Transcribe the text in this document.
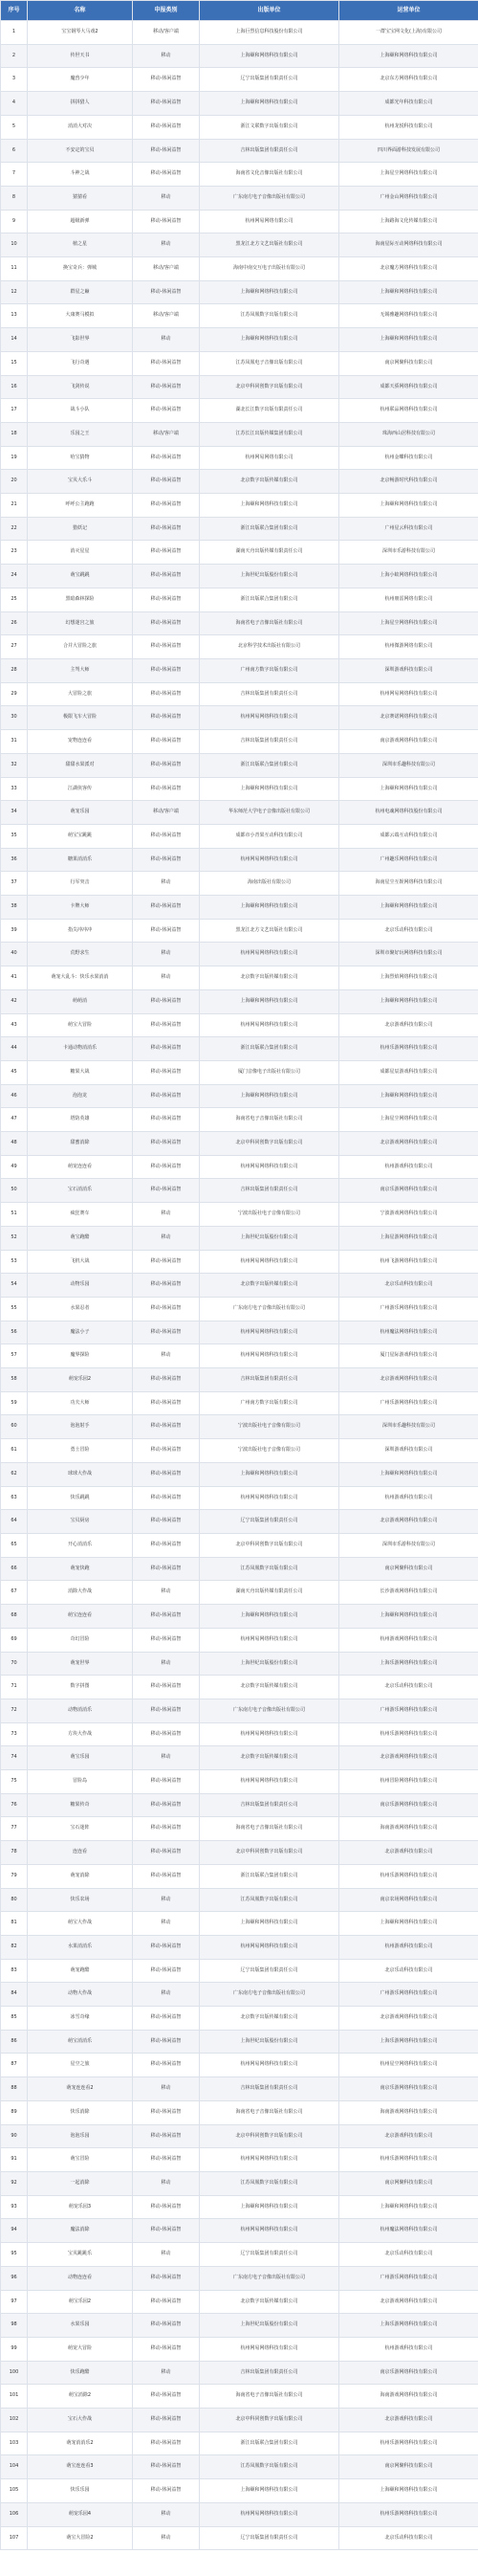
序号	名称	申报类别	出版单位	运营单位
1	宝宝钢琴大马戏2	移动/客户端	上海巨烈信息科技股份有限公司	一群宝宝网文化(上海)有限公司
2	传世天书	移动	上海颐和网络科技有限公司	上海颐和网络科技有限公司
3	魔兽少年	移动-休闲益智	辽宁出版集团有限责任公司	北京东方网络科技有限公司
4	拼拼猎人	移动-休闲益智	上海颐和网络科技有限公司	成都光年科技有限公司
5	消消大对决	移动-休闲益智	浙江文联数字出版有限公司	杭州龙悦科技有限公司
6	不安定的宝贝	移动-休闲益智	吉林出版集团有限责任公司	四川界面游科技发展有限公司
7	斗神之战	移动-休闲益智	海南省文化音像出版社有限公司	上海星尘网络科技有限公司
8	猜猜看	移动	广东南方电子音像出版社有限公司	广州金山网络科技有限公司
9	超级新弹	移动-休闲益智	杭州网易网络有限公司	上海路海文化传媒有限公司
10	植之星	移动	黑龙江北方文艺出版社有限公司	海南星际互动网络科技有限公司
11	换宝奇兵：弹城	移动/客户端	海南中南交互电子出版社有限公司	北京魔方网络科技有限公司
12	群星之巅	移动-休闲益智	上海颐和网络科技有限公司	上海颐和网络科技有限公司
13	大康赛马模拟	移动/客户端	江苏凤凰数字出版有限公司	无锡雅趣网络科技有限公司
14	飞影世界	移动	上海颐和网络科技有限公司	上海颐和网络科技有限公司
15	飞行奇遇	移动-休闲益智	江苏凤凰电子音像出版有限公司	南京网聚科技有限公司
16	飞剑传说	移动-休闲益智	北京中科同创数字出版有限公司	成都天骄网络科技有限公司
17	战斗小队	移动-休闲益智	湖北长江数字出版有限责任公司	杭州联品网络科技有限公司
18	乐园之王	移动/客户端	江苏长江出版传媒集团有限公司	珠海西山居科技有限公司
19	哈宝猜物	移动-休闲益智	杭州网易网络有限公司	杭州金蝶科技有限公司
20	宝贝大乐斗	移动-休闲益智	北京数字出版传媒有限公司	北京畅游时代科技有限公司
21	呼呼公主跑跑	移动-休闲益智	上海颐和网络科技有限公司	上海颐和网络科技有限公司
22	猎妖记	移动-休闲益智	浙江出版联合集团有限公司	广州星云科技有限公司
23	消灭星星	移动-休闲益智	湖南天舟出版传媒有限责任公司	深圳市乐游科技有限公司
24	萌宝跳跳	移动-休闲益智	上海世纪出版股份有限公司	上海小蚁网络科技有限公司
25	黑暗森林探险	移动-休闲益智	浙江出版联合集团有限公司	杭州朋雷网络有限公司
26	幻想迷宫之旅	移动-休闲益智	海南省电子音像出版社有限公司	上海星尘网络科技有限公司
27	合并大冒险之旅	移动-休闲益智	北京科学技术出版社有限公司	杭州微游网络有限公司
28	主驾大师	移动-休闲益智	广州南方数字出版有限公司	深圳游戏科技有限公司
29	大冒险之旅	移动-休闲益智	吉林出版集团有限责任公司	杭州网易网络科技有限公司
30	极限飞车大冒险	移动-休闲益智	杭州网易网络科技有限公司	北京赛诺网络科技有限公司
31	宠物连连看	移动-休闲益智	吉林出版集团有限责任公司	南京游戏网络科技有限公司
32	甜甜水果派对	移动-休闲益智	浙江出版联合集团有限公司	深圳市乐趣科技有限公司
33	江湖侠客传	移动-休闲益智	上海颐和网络科技有限公司	上海颐和网络科技有限公司
34	萌宠乐园	移动/客户端	华东师范大学电子音像出版社有限公司	杭州电魂网络科技股份有限公司
35	萌宝宝跳跳	移动-休闲益智	成都市小青果互动科技有限公司	成都云端互动科技有限公司
36	糖果消消乐	移动-休闲益智	杭州网易网络科技有限公司	广州趣乐网络科技有限公司
37	行军突击	移动	海南出版社有限公司	海南星尘互娱网络科技有限公司
38	卡牌大师	移动-休闲益智	上海颐和网络科技有限公司	上海颐和网络科技有限公司
39	指尖冲冲冲	移动-休闲益智	黑龙江北方文艺出版社有限公司	北京乐动科技有限公司
40	荒野求生	移动	杭州网易网络科技有限公司	深圳市聚好玩网络科技有限公司
41	萌宠大乱斗：快乐水果消消	移动	北京数字出版传媒有限公司	上海烈焰网络科技有限公司
42	萌萌消	移动-休闲益智	上海颐和网络科技有限公司	上海颐和网络科技有限公司
43	萌宝大冒险	移动-休闲益智	杭州网易网络科技有限公司	北京游戏科技有限公司
44	卡通动物消消乐	移动-休闲益智	浙江出版联合集团有限公司	杭州乐游网络科技有限公司
45	糖果大战	移动-休闲益智	厦门音像电子出版社有限公司	成都星辰游戏科技有限公司
46	泡泡龙	移动-休闲益智	上海颐和网络科技有限公司	上海颐和网络科技有限公司
47	塔防英雄	移动-休闲益智	海南省电子音像出版社有限公司	上海星尘网络科技有限公司
48	甜蜜消除	移动-休闲益智	北京中科同创数字出版有限公司	北京游戏网络科技有限公司
49	萌宠连连看	移动-休闲益智	杭州网易网络科技有限公司	杭州游戏科技有限公司
50	宝石消消乐	移动-休闲益智	吉林出版集团有限责任公司	南京乐游网络科技有限公司
51	疯狂赛车	移动	宁波出版社电子音像有限公司	宁波游戏网络科技有限公司
52	萌宝跑酷	移动	上海世纪出版股份有限公司	上海星游网络科技有限公司
53	飞机大战	移动-休闲益智	杭州网易网络科技有限公司	杭州飞游网络科技有限公司
54	动物乐园	移动-休闲益智	北京数字出版传媒有限公司	北京乐动科技有限公司
55	水果忍者	移动-休闲益智	广东南方电子音像出版社有限公司	广州游乐网络科技有限公司
56	魔法小子	移动-休闲益智	杭州网易网络科技有限公司	杭州魔法网络科技有限公司
57	魔界探险	移动	杭州网易网络科技有限公司	厦门星际游戏科技有限公司
58	萌宠乐园2	移动-休闲益智	吉林出版集团有限责任公司	北京游戏网络科技有限公司
59	功夫大师	移动-休闲益智	广州南方数字出版有限公司	广州乐游网络科技有限公司
60	泡泡射手	移动-休闲益智	宁波出版社电子音像有限公司	深圳市乐趣科技有限公司
61	勇士冒险	移动-休闲益智	宁波出版社电子音像有限公司	深圳游戏科技有限公司
62	球球大作战	移动-休闲益智	上海颐和网络科技有限公司	上海颐和网络科技有限公司
63	快乐跳跳	移动-休闲益智	杭州网易网络科技有限公司	杭州游戏科技有限公司
64	宝贝厨房	移动-休闲益智	辽宁出版集团有限责任公司	北京游戏网络科技有限公司
65	开心消消乐	移动-休闲益智	北京中科同创数字出版有限公司	深圳市乐游科技有限公司
66	萌宠快跑	移动-休闲益智	江苏凤凰数字出版有限公司	南京网聚科技有限公司
67	消除大作战	移动	湖南天舟出版传媒有限责任公司	长沙游戏网络科技有限公司
68	萌宝连连看	移动-休闲益智	上海颐和网络科技有限公司	上海颐和网络科技有限公司
69	奇幻冒险	移动-休闲益智	杭州网易网络科技有限公司	杭州游戏网络科技有限公司
70	萌宠世界	移动	上海世纪出版股份有限公司	上海乐游网络科技有限公司
71	数字拼图	移动-休闲益智	北京数字出版传媒有限公司	北京乐动科技有限公司
72	动物消消乐	移动-休闲益智	广东南方电子音像出版社有限公司	广州游乐网络科技有限公司
73	方块大作战	移动-休闲益智	杭州网易网络科技有限公司	杭州乐游网络科技有限公司
74	萌宝乐园	移动	北京数字出版传媒有限公司	北京游戏网络科技有限公司
75	冒险岛	移动-休闲益智	杭州网易网络科技有限公司	杭州冒险网络科技有限公司
76	糖果传奇	移动-休闲益智	吉林出版集团有限责任公司	南京乐游网络科技有限公司
77	宝石迷阵	移动-休闲益智	海南省电子音像出版社有限公司	海南游戏网络科技有限公司
78	连连看	移动-休闲益智	北京中科同创数字出版有限公司	北京游戏科技有限公司
79	萌宠消除	移动-休闲益智	浙江出版联合集团有限公司	杭州乐游网络科技有限公司
80	快乐农场	移动	江苏凤凰数字出版有限公司	南京农场网络科技有限公司
81	萌宝大作战	移动	上海颐和网络科技有限公司	上海颐和网络科技有限公司
82	水果消消乐	移动-休闲益智	杭州网易网络科技有限公司	杭州游戏科技有限公司
83	萌宠跑酷	移动-休闲益智	辽宁出版集团有限责任公司	北京乐动科技有限公司
84	动物大作战	移动	广东南方电子音像出版社有限公司	广州游乐网络科技有限公司
85	冰雪奇缘	移动-休闲益智	北京数字出版传媒有限公司	北京游戏网络科技有限公司
86	萌宝消消乐	移动-休闲益智	上海世纪出版股份有限公司	上海乐游网络科技有限公司
87	星空之旅	移动-休闲益智	杭州网易网络科技有限公司	杭州星空网络科技有限公司
88	萌宠连连看2	移动	吉林出版集团有限责任公司	南京乐游网络科技有限公司
89	快乐消除	移动-休闲益智	海南省电子音像出版社有限公司	海南游戏网络科技有限公司
90	泡泡乐园	移动-休闲益智	北京中科同创数字出版有限公司	北京游戏科技有限公司
91	萌宝冒险	移动-休闲益智	杭州网易网络科技有限公司	杭州乐游网络科技有限公司
92	一起消除	移动	江苏凤凰数字出版有限公司	南京网聚科技有限公司
93	萌宠乐园3	移动-休闲益智	上海颐和网络科技有限公司	上海颐和网络科技有限公司
94	魔法消除	移动-休闲益智	杭州网易网络科技有限公司	杭州魔法网络科技有限公司
95	宝贝跳跳乐	移动	辽宁出版集团有限责任公司	北京乐动科技有限公司
96	动物连连看	移动-休闲益智	广东南方电子音像出版社有限公司	广州游乐网络科技有限公司
97	萌宝乐园2	移动-休闲益智	北京数字出版传媒有限公司	北京游戏网络科技有限公司
98	水果乐园	移动-休闲益智	上海世纪出版股份有限公司	上海乐游网络科技有限公司
99	萌宠大冒险	移动-休闲益智	杭州网易网络科技有限公司	杭州游戏科技有限公司
100	快乐跑酷	移动	吉林出版集团有限责任公司	南京乐游网络科技有限公司
101	萌宝消除2	移动-休闲益智	海南省电子音像出版社有限公司	海南游戏网络科技有限公司
102	宝石大作战	移动-休闲益智	北京中科同创数字出版有限公司	北京游戏科技有限公司
103	萌宠消消乐2	移动-休闲益智	浙江出版联合集团有限公司	杭州乐游网络科技有限公司
104	萌宝连连看3	移动-休闲益智	江苏凤凰数字出版有限公司	南京网聚科技有限公司
105	快乐乐园	移动-休闲益智	上海颐和网络科技有限公司	上海颐和网络科技有限公司
106	萌宠乐园4	移动	杭州网易网络科技有限公司	杭州乐游网络科技有限公司
107	萌宝大冒险2	移动	辽宁出版集团有限责任公司	北京乐动科技有限公司
